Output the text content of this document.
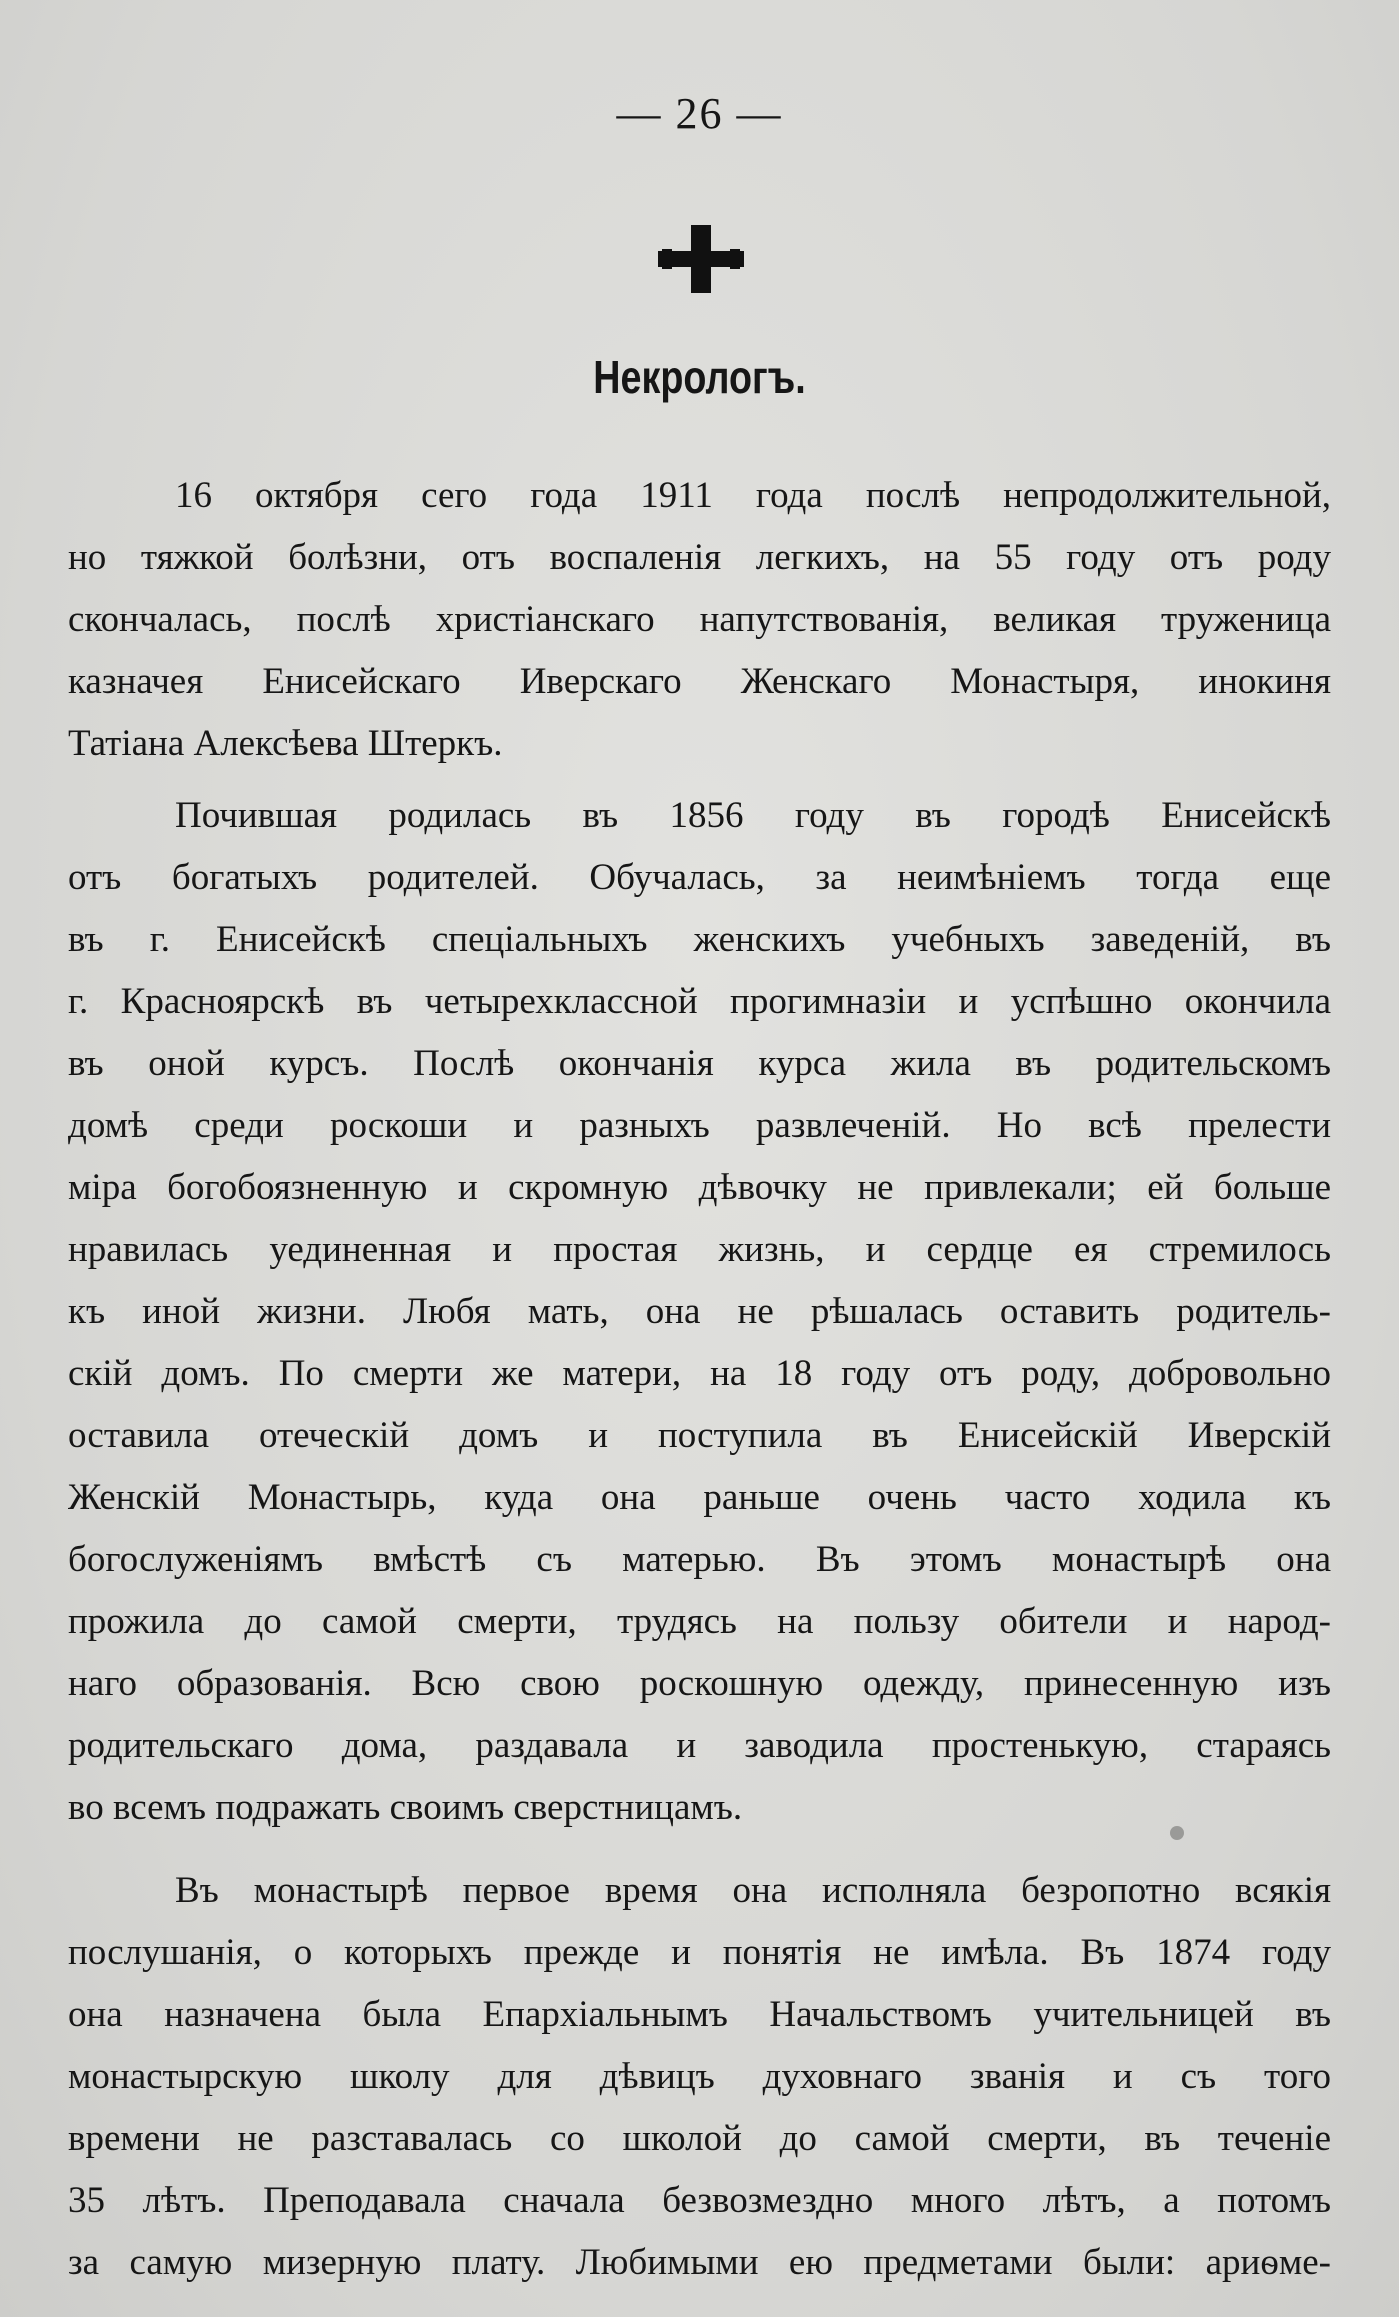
— 26 —
Некрологъ.
16 октября сего года 1911 года послѣ непродолжительной,
но тяжкой болѣзни, отъ воспаленія легкихъ, на 55 году отъ роду
скончалась, послѣ христіанскаго напутствованія, великая труженица
казначея Енисейскаго Иверскаго Женскаго Монастыря, инокиня
Татіана Алексѣева Штеркъ.
Почившая родилась въ 1856 году въ городѣ Енисейскѣ
отъ богатыхъ родителей. Обучалась, за неимѣніемъ тогда еще
въ г. Енисейскѣ спеціальныхъ женскихъ учебныхъ заведеній, въ
г. Красноярскѣ въ четырехклассной прогимназіи и успѣшно окончила
въ оной курсъ. Послѣ окончанія курса жила въ родительскомъ
домѣ среди роскоши и разныхъ развлеченій. Но всѣ прелести
міра богобоязненную и скромную дѣвочку не привлекали; ей больше
нравилась уединенная и простая жизнь, и сердце ея стремилось
къ иной жизни. Любя мать, она не рѣшалась оставить родитель-
скій домъ. По смерти же матери, на 18 году отъ роду, добровольно
оставила отеческій домъ и поступила въ Енисейскій Иверскій
Женскій Монастырь, куда она раньше очень часто ходила къ
богослуженіямъ вмѣстѣ съ матерью. Въ этомъ монастырѣ она
прожила до самой смерти, трудясь на пользу обители и народ-
наго образованія. Всю свою роскошную одежду, принесенную изъ
родительскаго дома, раздавала и заводила простенькую, стараясь
во всемъ подражать своимъ сверстницамъ.
Въ монастырѣ первое время она исполняла безропотно всякія
послушанія, о которыхъ прежде и понятія не имѣла. Въ 1874 году
она назначена была Епархіальнымъ Начальствомъ учительницей въ
монастырскую школу для дѣвицъ духовнаго званія и съ того
времени не разставалась со школой до самой смерти, въ теченіе
35 лѣтъ. Преподавала сначала безвозмездно много лѣтъ, а потомъ
за самую мизерную плату. Любимыми ею предметами были: ариѳме-
